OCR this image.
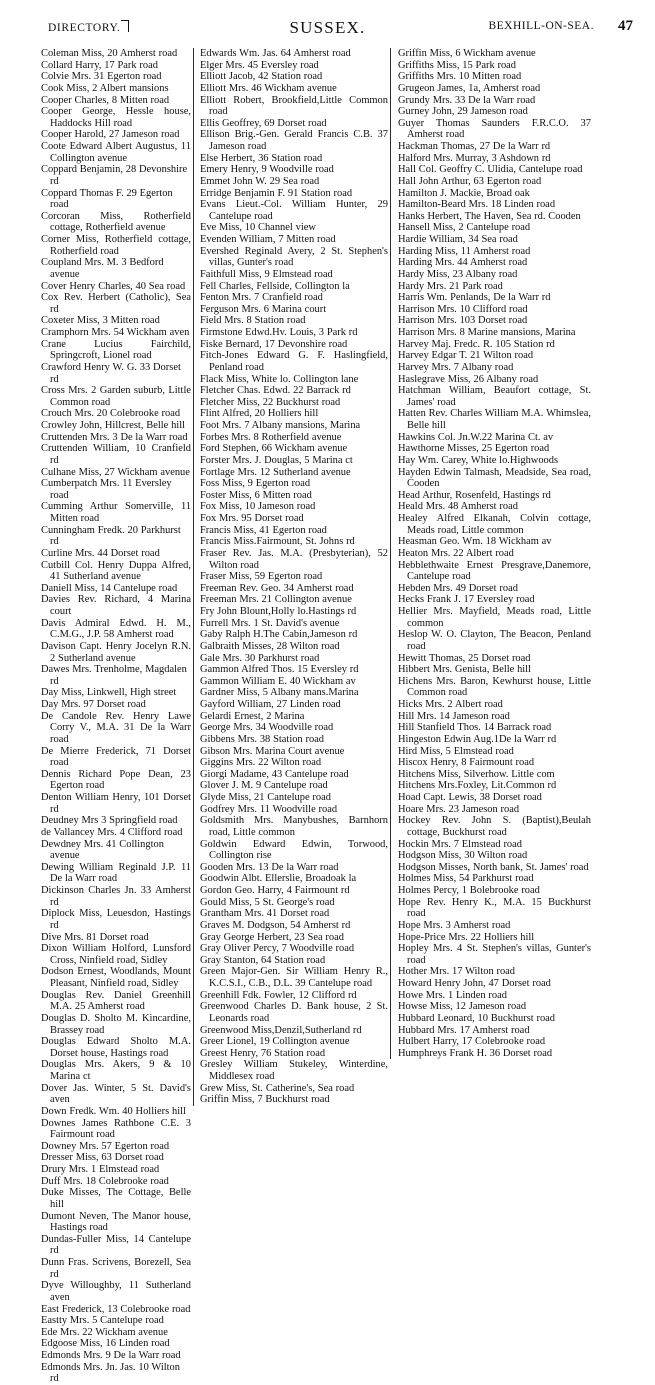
DIRECTORY.	SUSSEX.	BEXHILL-ON-SEA. 47

Coleman Miss, 20 Amherst road

Collard Harry, 17 Park road

Colvie Mrs. 31 Egerton road

Cook Miss, 2 Albert mansions

Cooper Charles, 8 Mitten road

Cooper George, Hessle house, Haddocks Hill road

Cooper Harold, 27 Jameson road

Coote Edward Albert Augustus, 11 Collington avenue

Coppard Benjamin, 28 Devonshire rd

Coppard Thomas F. 29 Egerton road

Corcoran Miss, Rotherfield cottage, Rotherfield avenue

Corner Miss, Rotherfield cottage, Rotherfield road

Coupland Mrs. M. 3 Bedford avenue

Cover Henry Charles, 40 Sea road

Cox Rev. Herbert (Catholic), Sea rd

Coxeter Miss, 3 Mitten road

Cramphorn Mrs. 54 Wickham aven

Crane Lucius Fairchild, Springcroft, Lionel road

Crawford Henry W. G. 33 Dorset rd

Cross Mrs. 2 Garden suburb, Little Common road

Crouch Mrs. 20 Colebrooke road

Crowley John, Hillcrest, Belle hill

Cruttenden Mrs. 3 De la Warr road

Cruttenden William, 10 Cranfield rd

Culhane Miss, 27 Wickham avenue

Cumberpatch Mrs. 11 Eversley road

Cumming Arthur Somerville, 11 Mitten road

Cunningham Fredk. 20 Parkhurst rd

Curline Mrs. 44 Dorset road

Cutbill Col. Henry Duppa Alfred, 41 Sutherland avenue

Daniell Miss, 14 Cantelupe road

Davies Rev. Richard, 4 Marina court

Davis Admiral Edwd. H. M., C.M.G., J.P. 58 Amherst road

Davison Capt. Henry Jocelyn R.N. 2 Sutherland avenue

Dawes Mrs. Trenholme, Magdalen rd

Day Miss, Linkwell, High street

Day Mrs. 97 Dorset road

De Candole Rev. Henry Lawe Corry V., M.A. 31 De la Warr road

De Mierre Frederick, 71 Dorset road

Dennis Richard Pope Dean, 23 Egerton road

Denton William Henry, 101 Dorset rd

Deudney Mrs 3 Springfield road

de Vallancey Mrs. 4 Clifford road

Dewdney Mrs. 41 Collington avenue

Dewing William Reginald J.P. 11 De la Warr road

Dickinson Charles Jn. 33 Amherst rd

Diplock Miss, Leuesdon, Hastings rd

Dive Mrs. 81 Dorset road

Dixon William Holford, Lunsford Cross, Ninfield road, Sidley

Dodson Ernest, Woodlands, Mount Pleasant, Ninfield road, Sidley

Douglas Rev. Daniel Greenhill M.A. 25 Amherst road

Douglas D. Sholto M. Kincardine, Brassey road

Douglas Edward Sholto M.A. Dorset house, Hastings road

Douglas Mrs. Akers, 9 & 10 Marina ct

Dover Jas. Winter, 5 St. David's aven

Down Fredk. Wm. 40 Holliers hill

Downes James Rathbone C.E. 3 Fairmount road

Downey Mrs. 57 Egerton road

Dresser Miss, 63 Dorset road

Drury Mrs. 1 Elmstead road

Duff Mrs. 18 Colebrooke road

Duke Misses, The Cottage, Belle hill

Dumont Neven, The Manor house, Hastings road

Dundas-Fuller Miss, 14 Cantelupe rd

Dunn Fras. Scrivens, Borezell, Sea rd

Dyve Willoughby, 11 Sutherland aven

East Frederick, 13 Colebrooke road

Eastty Mrs. 5 Cantelupe road

Ede Mrs. 22 Wickham avenue

Edgoose Miss, 16 Linden road

Edmonds Mrs. 9 De la Warr road

Edmonds Mrs. Jn. Jas. 10 Wilton rd

Edwards Wm. Jas. 64 Amherst road

Elger Mrs. 45 Eversley road

Elliott Jacob, 42 Station road

Elliott Mrs. 46 Wickham avenue

Elliott Robert, Brookfield,Little Common road

Ellis Geoffrey, 69 Dorset road

Ellison Brig.-Gen. Gerald Francis C.B. 37 Jameson road

Else Herbert, 36 Station road

Emery Henry, 9 Woodville road

Emmet John W. 29 Sea road

Erridge Benjamin F. 91 Station road

Evans Lieut.-Col. William Hunter, 29 Cantelupe road

Eve Miss, 10 Channel view

Evenden William, 7 Mitten road

Evershed Reginald Avery, 2 St. Stephen's villas, Gunter's road

Faithfull Miss, 9 Elmstead road

Fell Charles, Fellside, Collington la

Fenton Mrs. 7 Cranfield road

Ferguson Mrs. 6 Marina court

Field Mrs. 8 Station road

Firmstone Edwd.Hv. Louis, 3 Park rd

Fiske Bernard, 17 Devonshire road

Fitch-Jones Edward G. F. Haslingfield, Penland road

Flack Miss, White lo. Collington lane

Fletcher Chas. Edwd. 22 Barrack rd

Fletcher Miss, 22 Buckhurst road

Flint Alfred, 20 Holliers hill

Foot Mrs. 7 Albany mansions, Marina

Forbes Mrs. 8 Rotherfield avenue

Ford Stephen, 66 Wickham avenue

Forster Mrs. J. Douglas, 5 Marina ct

Fortlage Mrs. 12 Sutherland avenue

Foss Miss, 9 Egerton road

Foster Miss, 6 Mitten road

Fox Miss, 10 Jameson road

Fox Mrs. 95 Dorset road

Francis Miss, 41 Egerton road

Francis Miss.Fairmount, St. Johns rd

Fraser Rev. Jas. M.A. (Presbyterian), 52 Wilton road

Fraser Miss, 59 Egerton road

Freeman Rev. Geo. 34 Amherst road

Freeman Mrs. 21 Collington avenue

Fry John Blount,Holly lo.Hastings rd

Furrell Mrs. 1 St. David's avenue

Gaby Ralph H.The Cabin,Jameson rd

Galbraith Misses, 28 Wilton road

Gale Mrs. 30 Parkhurst road

Gammon Alfred Thos. 15 Eversley rd

Gammon William E. 40 Wickham av

Gardner Miss, 5 Albany mans.Marina

Gayford William, 27 Linden road

Gelardi Ernest, 2 Marina

George Mrs. 34 Woodville road

Gibbens Mrs. 38 Station road

Gibson Mrs. Marina Court avenue

Giggins Mrs. 22 Wilton road

Giorgi Madame, 43 Cantelupe road

Glover J. M. 9 Cantelupe road

Glyde Miss, 21 Cantelupe road

Godfrey Mrs. 11 Woodville road

Goldsmith Mrs. Manybushes, Barnhorn road, Little common

Goldwin Edward Edwin, Torwood, Collington rise

Gooden Mrs. 13 De la Warr road

Goodwin Albt. Ellerslie, Broadoak la

Gordon Geo. Harry, 4 Fairmount rd

Gould Miss, 5 St. George's road

Grantham Mrs. 41 Dorset road

Graves M. Dodgson, 54 Amherst rd

Gray George Herbert, 23 Sea road

Gray Oliver Percy, 7 Woodville road

Gray Stanton, 64 Station road

Green Major-Gen. Sir William Henry R., K.C.S.I., C.B., D.L. 39 Cantelupe road

Greenhill Fdk. Fowler, 12 Clifford rd

Greenwood Charles D. Bank house, 2 St. Leonards road

Greenwood Miss,Denzil,Sutherland rd

Greer Lionel, 19 Collington avenue

Greest Henry, 76 Station road

Gresley William Stukeley, Winterdine, Middlesex road

Grew Miss, St. Catherine's, Sea road

Griffin Miss, 7 Buckhurst road

Griffin Miss, 6 Wickham avenue

Griffiths Miss, 15 Park road

Griffiths Mrs. 10 Mitten road

Grugeon James, 1a, Amherst road

Grundy Mrs. 33 De la Warr road

Gurney John, 29 Jameson road

Guyer Thomas Saunders F.R.C.O. 37 Amherst road

Hackman Thomas, 27 De la Warr rd

Halford Mrs. Murray, 3 Ashdown rd

Hall Col. Geoffry C. Ulidia, Cantelupe road

Hall John Arthur, 63 Egerton road

Hamilton J. Mackie, Broad oak

Hamilton-Beard Mrs. 18 Linden road

Hanks Herbert, The Haven, Sea rd. Cooden

Hansell Miss, 2 Cantelupe road

Hardie William, 34 Sea road

Harding Miss, 11 Amherst road

Harding Mrs. 44 Amherst road

Hardy Miss, 23 Albany road

Hardy Mrs. 21 Park road

Harris Wm. Penlands, De la Warr rd

Harrison Mrs. 10 Clifford road

Harrison Mrs. 103 Dorset road

Harrison Mrs. 8 Marine mansions, Marina

Harvey Maj. Fredc. R. 105 Station rd

Harvey Edgar T. 21 Wilton road

Harvey Mrs. 7 Albany road

Haslegrave Miss, 26 Albany road

Hatchman William, Beaufort cottage, St. James' road

Hatten Rev. Charles William M.A. Whimslea, Belle hill

Hawkins Col. Jn.W.22 Marina Ct. av

Hawthorne Misses, 25 Egerton road

Hay Wm. Carey, White lo.Highwoods

Hayden Edwin Talmash, Meadside, Sea road, Cooden

Head Arthur, Rosenfeld, Hastings rd

Heald Mrs. 48 Amherst road

Healey Alfred Elkanah, Colvin cottage, Meads road, Little common

Heasman Geo. Wm. 18 Wickham av

Heaton Mrs. 22 Albert road

Hebblethwaite Ernest Presgrave,Danemore, Cantelupe road

Hebden Mrs. 49 Dorset road

Hecks Frank J. 17 Eversley road

Hellier Mrs. Mayfield, Meads road, Little common

Heslop W. O. Clayton, The Beacon, Penland road

Hewitt Thomas, 25 Dorset road

Hibbert Mrs. Genista, Belle hill

Hichens Mrs. Baron, Kewhurst house, Little Common road

Hicks Mrs. 2 Albert road

Hill Mrs. 14 Jameson road

Hill Stanfield Thos. 14 Barrack road

Hingeston Edwin Aug.1De la Warr rd

Hird Miss, 5 Elmstead road

Hiscox Henry, 8 Fairmount road

Hitchens Miss, Silverhow. Little com

Hitchens Mrs.Foxley, Lit.Common rd

Hoad Capt. Lewis, 38 Dorset road

Hoare Mrs. 23 Jameson road

Hockey Rev. John S. (Baptist),Beulah cottage, Buckhurst road

Hockin Mrs. 7 Elmstead road

Hodgson Miss, 30 Wilton road

Hodgson Misses, North bank, St. James' road

Holmes Miss, 54 Parkhurst road

Holmes Percy, 1 Bolebrooke road

Hope Rev. Henry K., M.A. 15 Buckhurst road

Hope Mrs. 3 Amherst road

Hope-Price Mrs. 22 Holliers hill

Hopley Mrs. 4 St. Stephen's villas, Gunter's road

Hother Mrs. 17 Wilton road

Howard Henry John, 47 Dorset road

Howe Mrs. 1 Linden road

Howse Miss, 12 Jameson road

Hubbard Leonard, 10 Buckhurst road

Hubbard Mrs. 17 Amherst road

Hulbert Harry, 17 Colebrooke road

Humphreys Frank H. 36 Dorset road
